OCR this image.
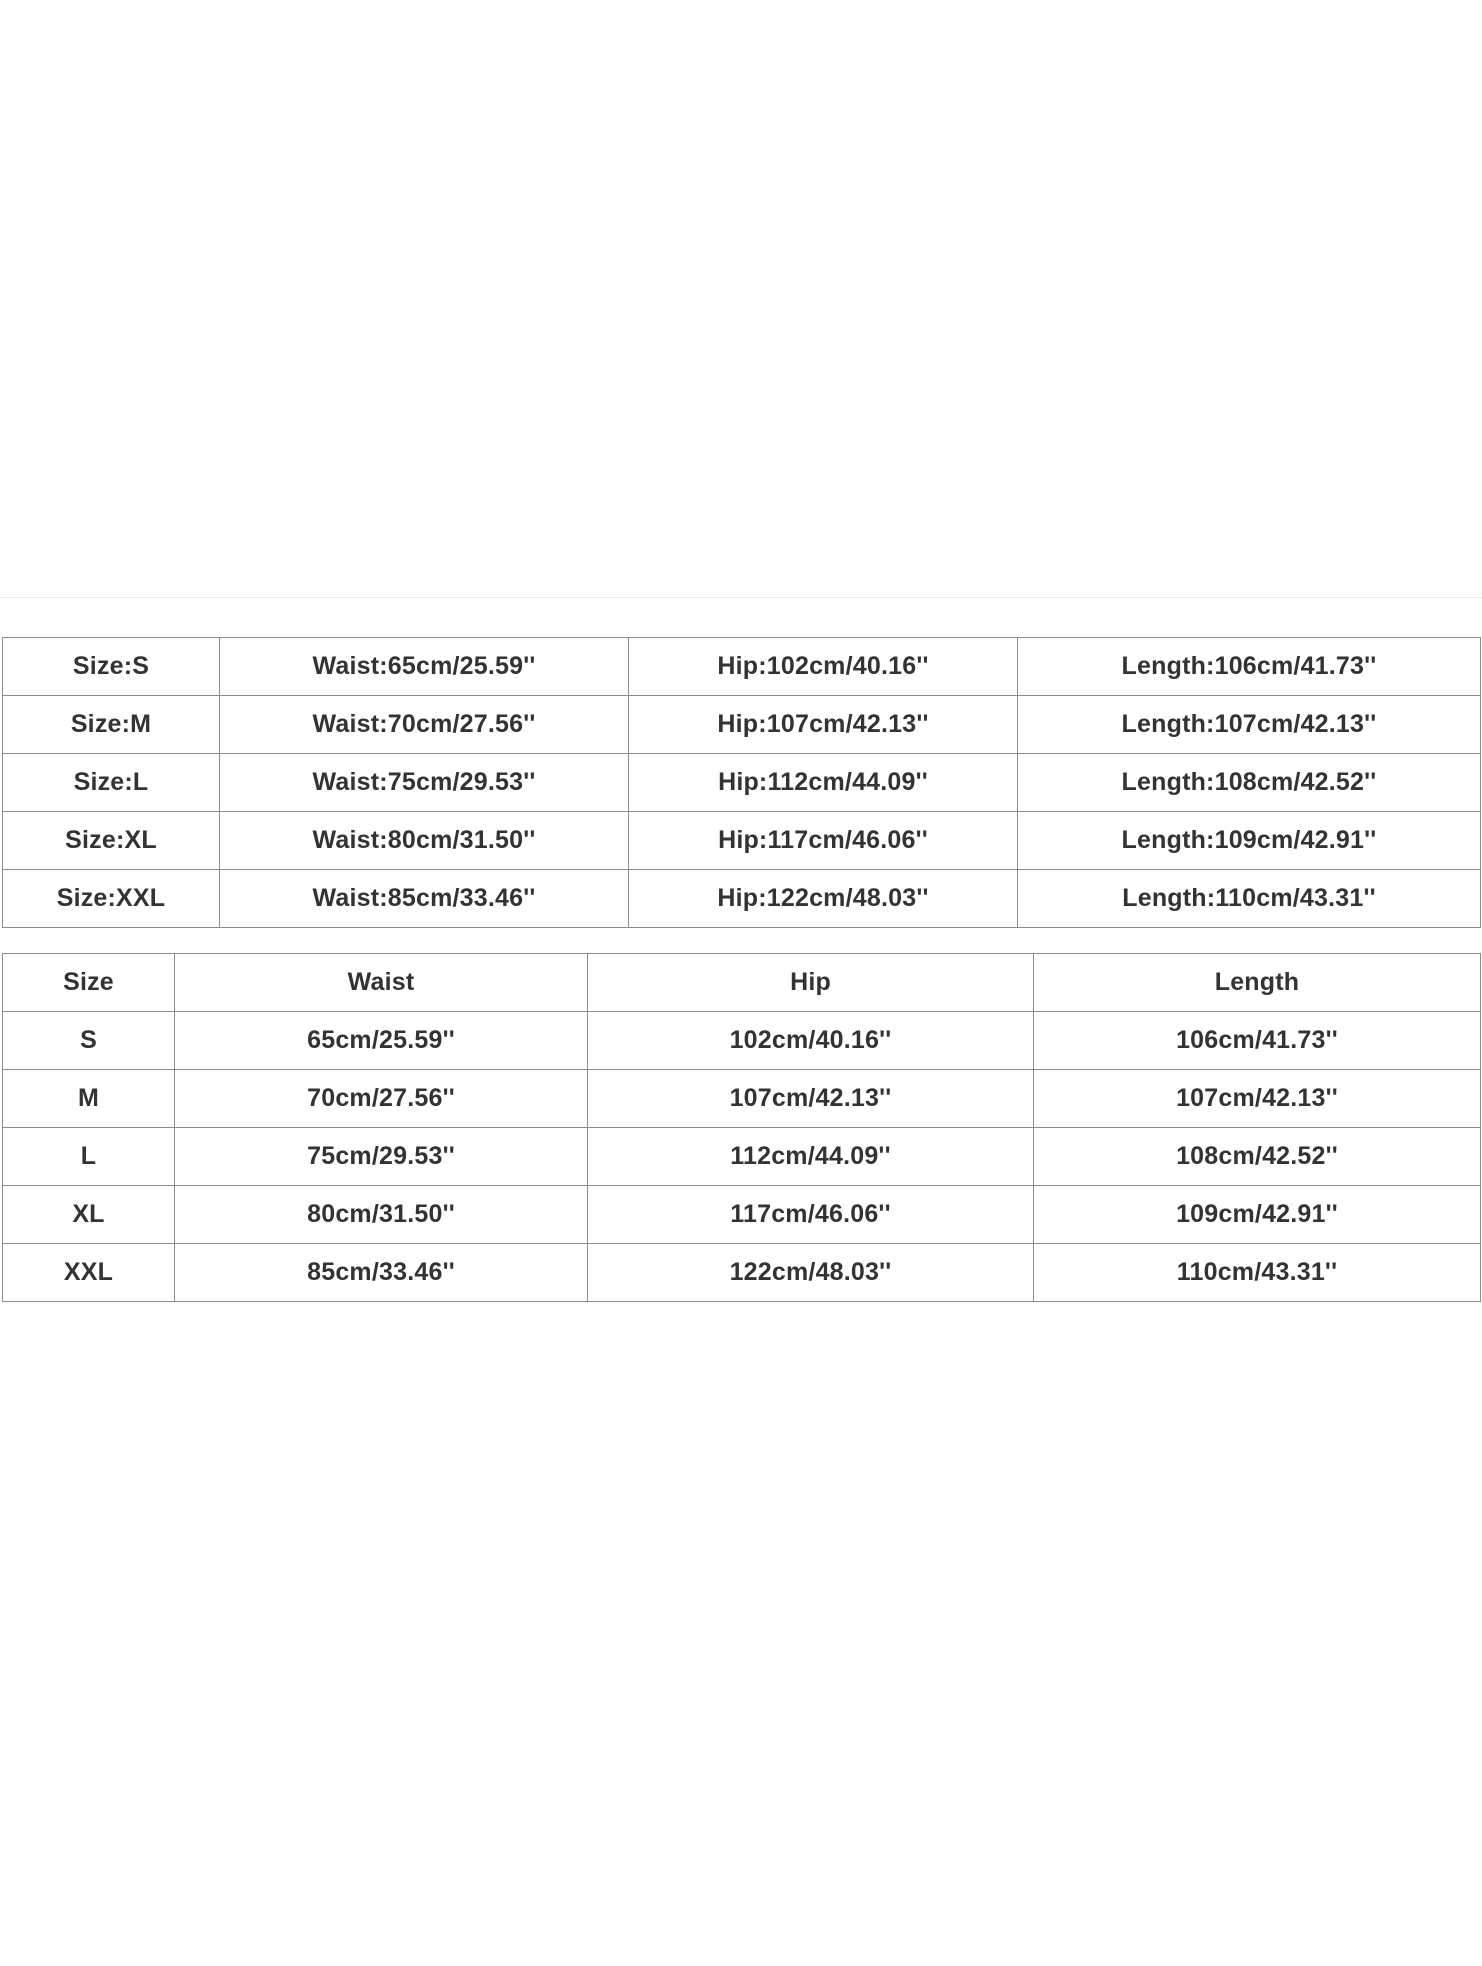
Size:S	Waist:65cm/25.59''	Hip:102cm/40.16''	Length:106cm/41.73''
Size:M	Waist:70cm/27.56''	Hip:107cm/42.13''	Length:107cm/42.13''
Size:L	Waist:75cm/29.53''	Hip:112cm/44.09''	Length:108cm/42.52''
Size:XL	Waist:80cm/31.50''	Hip:117cm/46.06''	Length:109cm/42.91''
Size:XXL	Waist:85cm/33.46''	Hip:122cm/48.03''	Length:110cm/43.31''
Size	Waist	Hip	Length
S	65cm/25.59''	102cm/40.16''	106cm/41.73''
M	70cm/27.56''	107cm/42.13''	107cm/42.13''
L	75cm/29.53''	112cm/44.09''	108cm/42.52''
XL	80cm/31.50''	117cm/46.06''	109cm/42.91''
XXL	85cm/33.46''	122cm/48.03''	110cm/43.31''
